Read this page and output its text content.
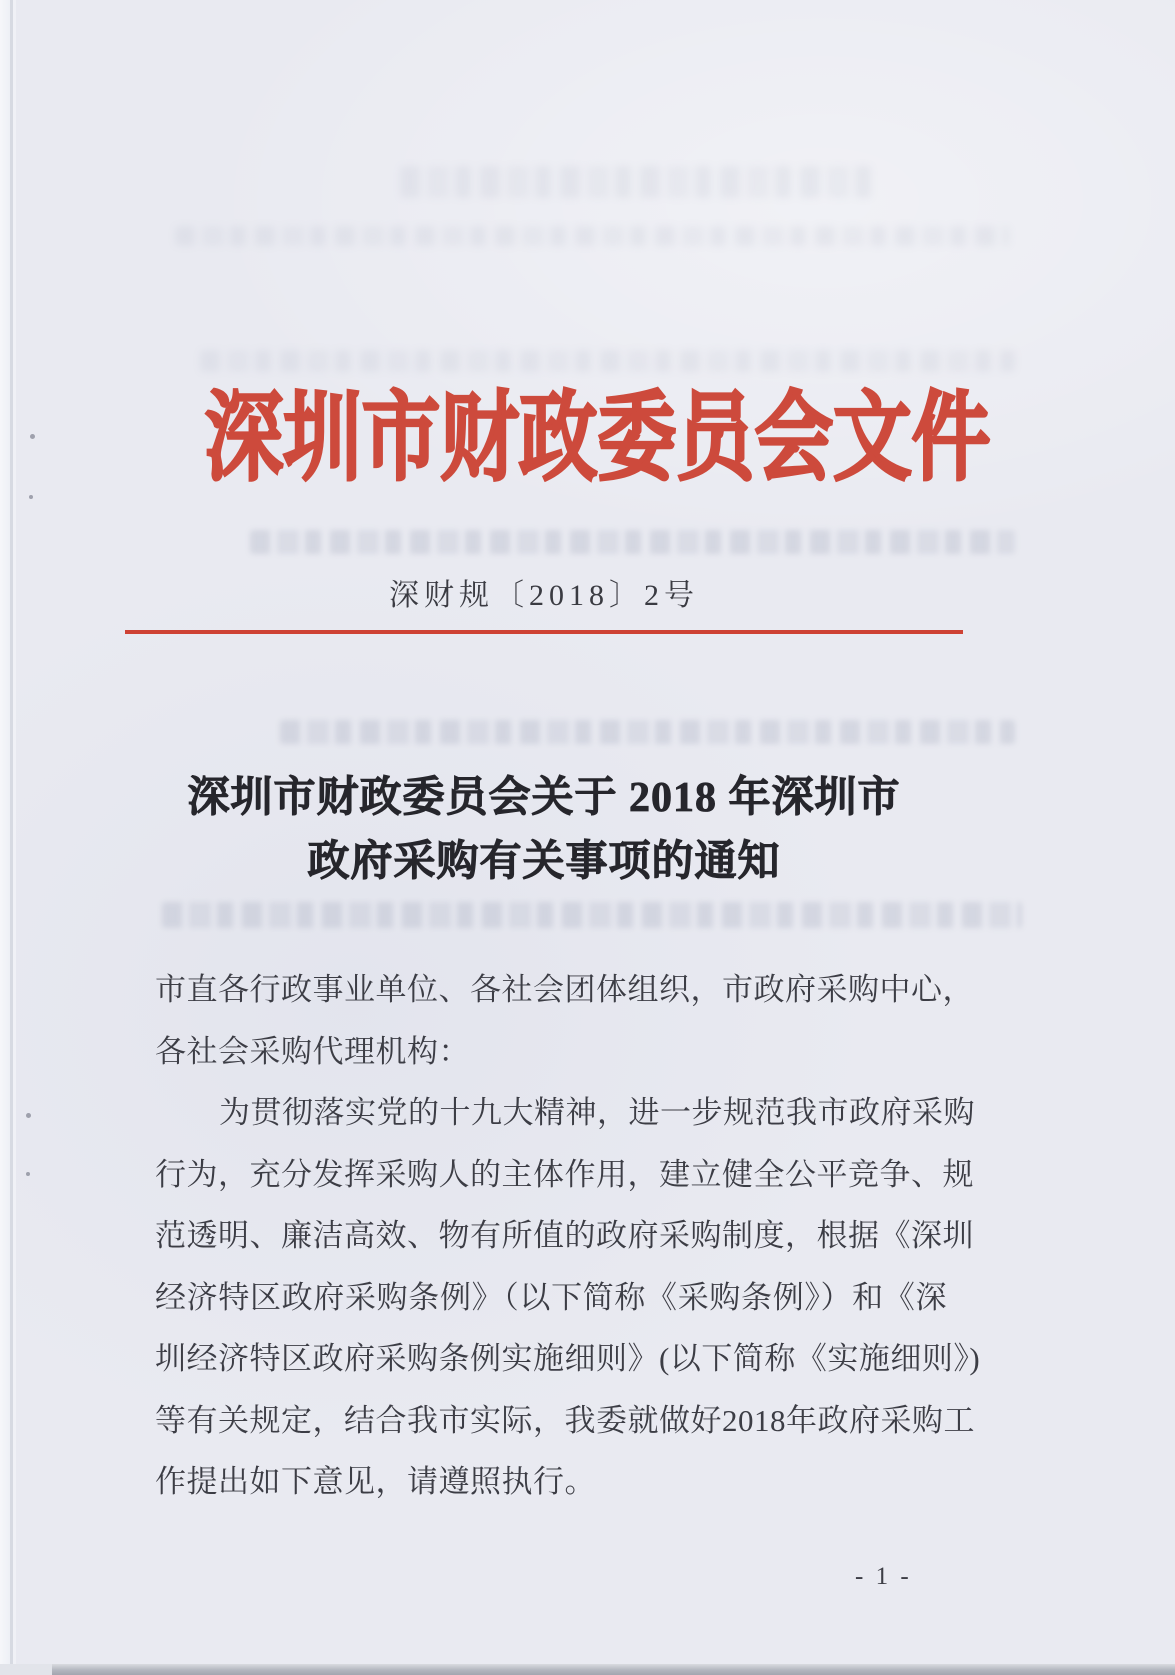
深圳市财政委员会文件
深财规〔2018〕2号
深圳市财政委员会关于 2018 年深圳市
政府采购有关事项的通知
市直各行政事业单位、各社会团体组织，市政府采购中心，
各社会采购代理机构：
为贯彻落实党的十九大精神，进一步规范我市政府采购
行为，充分发挥采购人的主体作用，建立健全公平竞争、规
范透明、廉洁高效、物有所值的政府采购制度，根据《深圳
经济特区政府采购条例》（以下简称《采购条例》）和《深
圳经济特区政府采购条例实施细则》(以下简称《实施细则》)
等有关规定，结合我市实际，我委就做好2018年政府采购工
作提出如下意见，请遵照执行。
- 1 -
